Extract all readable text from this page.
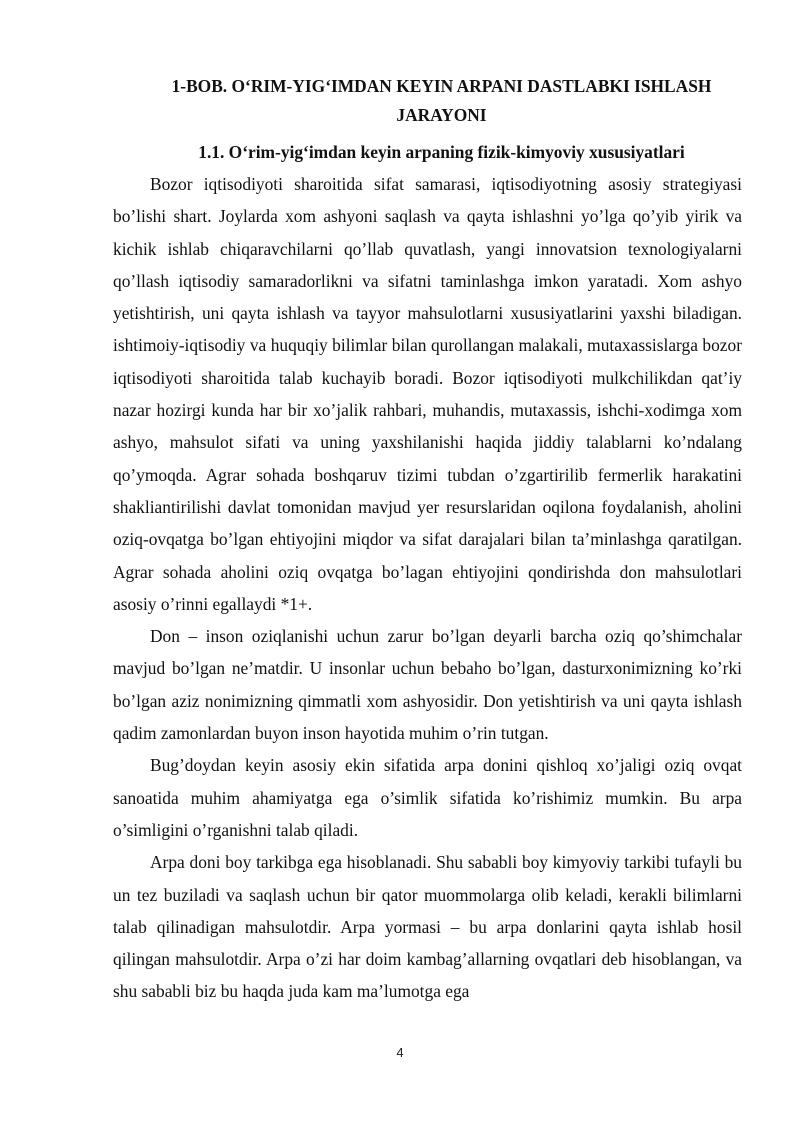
1-BOB. O‘RIM-YIG‘IMDAN KEYIN ARPANI DASTLABKI ISHLASH JARAYONI
1.1. O‘rim-yig‘imdan keyin arpaning fizik-kimyoviy xususiyatlari

Bozor iqtisodiyoti sharoitida sifat samarasi, iqtisodiyotning asosiy strategiyasi bo’lishi shart. Joylarda xom ashyoni saqlash va qayta ishlashni yo’lga qo’yib yirik va kichik ishlab chiqaravchilarni qo’llab quvatlash, yangi innovatsion texnologiyalarni qo’llash iqtisodiy samaradorlikni va sifatni taminlashga imkon yaratadi. Xom ashyo yetishtirish, uni qayta ishlash va tayyor mahsulotlarni xususiyatlarini yaxshi biladigan. ishtimoiy-iqtisodiy va huquqiy bilimlar bilan qurollangan malakali, mutaxassislarga bozor iqtisodiyoti sharoitida talab kuchayib boradi. Bozor iqtisodiyoti mulkchilikdan qat’iy nazar hozirgi kunda har bir xo’jalik rahbari, muhandis, mutaxassis, ishchi-xodimga xom ashyo, mahsulot sifati va uning yaxshilanishi haqida jiddiy talablarni ko’ndalang qo’ymoqda. Agrar sohada boshqaruv tizimi tubdan o’zgartirilib fermerlik harakatini shakliantirilishi davlat tomonidan mavjud yer resurslaridan oqilona foydalanish, aholini oziq-ovqatga bo’lgan ehtiyojini miqdor va sifat darajalari bilan ta’minlashga qaratilgan. Agrar sohada aholini oziq ovqatga bo’lagan ehtiyojini qondirishda don mahsulotlari asosiy o’rinni egallaydi *1+.

Don – inson oziqlanishi uchun zarur bo’lgan deyarli barcha oziq qo’shimchalar mavjud bo’lgan ne’matdir. U insonlar uchun bebaho bo’lgan, dasturxonimizning ko’rki bo’lgan aziz nonimizning qimmatli xom ashyosidir. Don yetishtirish va uni qayta ishlash qadim zamonlardan buyon inson hayotida muhim o’rin tutgan.

Bug’doydan keyin asosiy ekin sifatida arpa donini qishloq xo’jaligi oziq ovqat sanoatida muhim ahamiyatga ega o’simlik sifatida ko’rishimiz mumkin. Bu arpa o’simligini o’rganishni talab qiladi.

Arpa doni boy tarkibga ega hisoblanadi. Shu sababli boy kimyoviy tarkibi tufayli bu un tez buziladi va saqlash uchun bir qator muommolarga olib keladi, kerakli bilimlarni talab qilinadigan mahsulotdir. Arpa yormasi – bu arpa donlarini qayta ishlab hosil qilingan mahsulotdir. Arpa o’zi har doim kambag’allarning ovqatlari deb hisoblangan, va shu sababli biz bu haqda juda kam ma’lumotga ega

4
